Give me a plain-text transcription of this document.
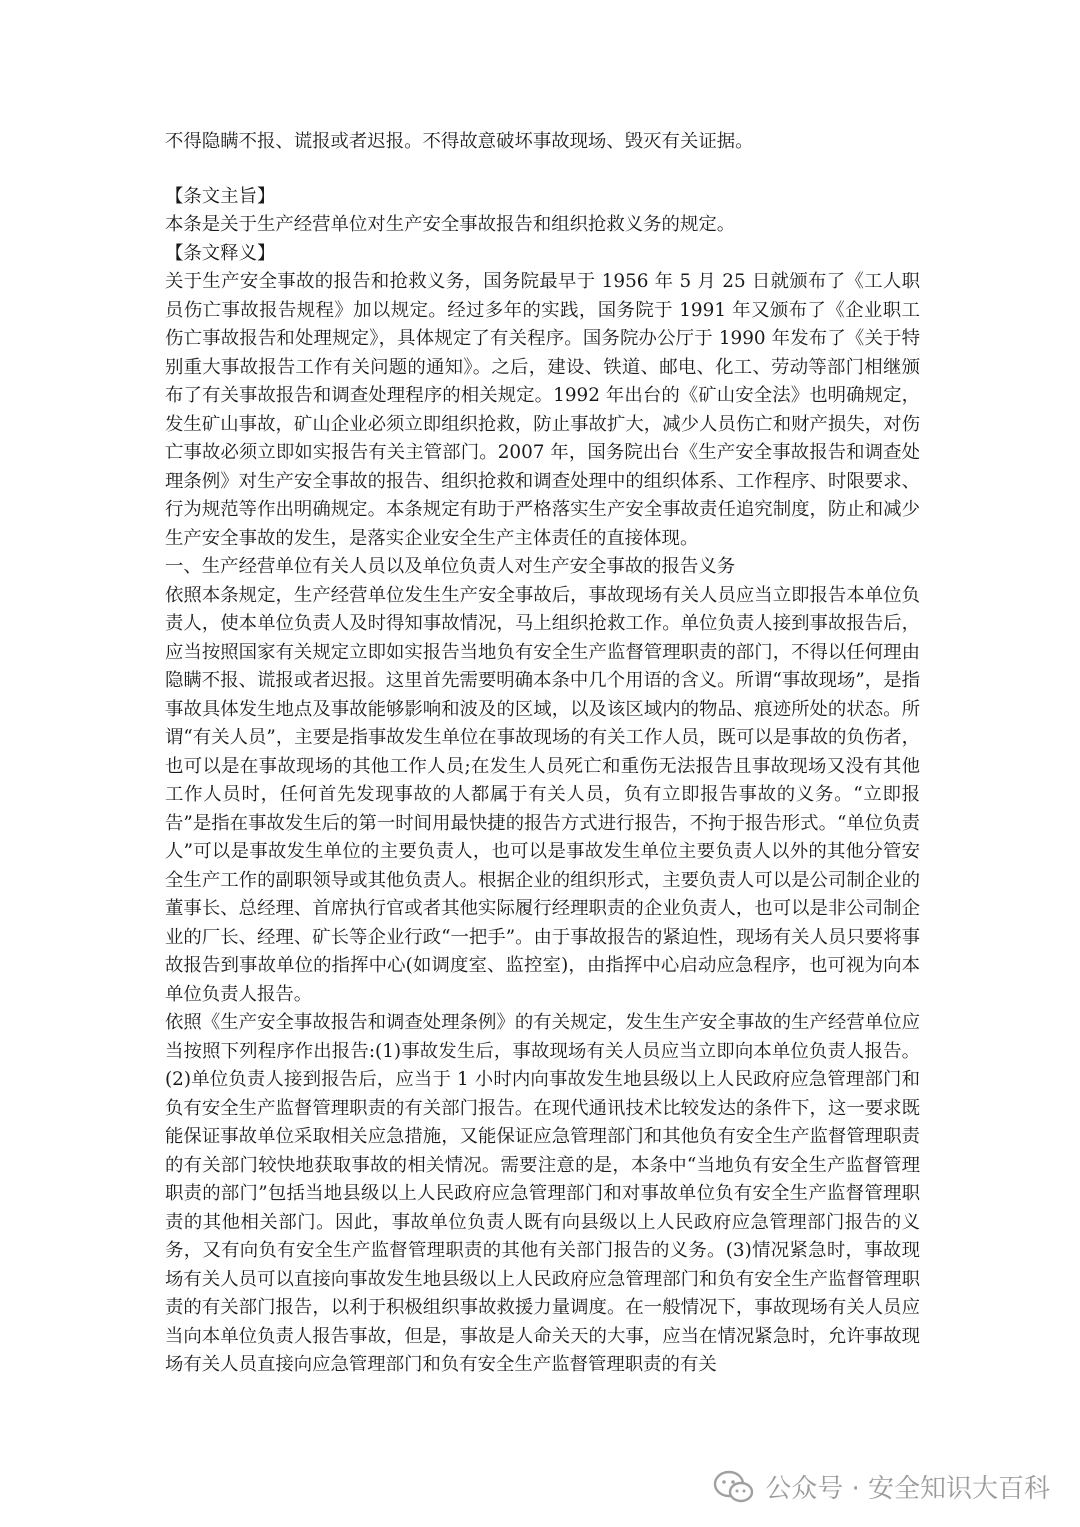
不得隐瞒不报、谎报或者迟报。不得故意破坏事故现场、毁灭有关证据。

【条文主旨】

本条是关于生产经营单位对生产安全事故报告和组织抢救义务的规定。

【条文释义】

关于生产安全事故的报告和抢救义务，国务院最早于 1956 年 5 月 25 日就颁布了《工人职员伤亡事故报告规程》加以规定。经过多年的实践，国务院于 1991 年又颁布了《企业职工伤亡事故报告和处理规定》，具体规定了有关程序。国务院办公厅于 1990 年发布了《关于特别重大事故报告工作有关问题的通知》。之后，建设、铁道、邮电、化工、劳动等部门相继颁布了有关事故报告和调查处理程序的相关规定。1992 年出台的《矿山安全法》也明确规定，发生矿山事故，矿山企业必须立即组织抢救，防止事故扩大，减少人员伤亡和财产损失，对伤亡事故必须立即如实报告有关主管部门。2007 年，国务院出台《生产安全事故报告和调查处理条例》对生产安全事故的报告、组织抢救和调查处理中的组织体系、工作程序、时限要求、行为规范等作出明确规定。本条规定有助于严格落实生产安全事故责任追究制度，防止和减少生产安全事故的发生，是落实企业安全生产主体责任的直接体现。

一、生产经营单位有关人员以及单位负责人对生产安全事故的报告义务

依照本条规定，生产经营单位发生生产安全事故后，事故现场有关人员应当立即报告本单位负责人，使本单位负责人及时得知事故情况，马上组织抢救工作。单位负责人接到事故报告后，应当按照国家有关规定立即如实报告当地负有安全生产监督管理职责的部门，不得以任何理由隐瞒不报、谎报或者迟报。这里首先需要明确本条中几个用语的含义。所谓“事故现场”，是指事故具体发生地点及事故能够影响和波及的区域，以及该区域内的物品、痕迹所处的状态。所谓“有关人员”，主要是指事故发生单位在事故现场的有关工作人员，既可以是事故的负伤者，也可以是在事故现场的其他工作人员;在发生人员死亡和重伤无法报告且事故现场又没有其他工作人员时，任何首先发现事故的人都属于有关人员，负有立即报告事故的义务。“立即报告”是指在事故发生后的第一时间用最快捷的报告方式进行报告，不拘于报告形式。“单位负责人”可以是事故发生单位的主要负责人，也可以是事故发生单位主要负责人以外的其他分管安全生产工作的副职领导或其他负责人。根据企业的组织形式，主要负责人可以是公司制企业的董事长、总经理、首席执行官或者其他实际履行经理职责的企业负责人，也可以是非公司制企业的厂长、经理、矿长等企业行政“一把手”。由于事故报告的紧迫性，现场有关人员只要将事故报告到事故单位的指挥中心(如调度室、监控室)，由指挥中心启动应急程序，也可视为向本单位负责人报告。

依照《生产安全事故报告和调查处理条例》的有关规定，发生生产安全事故的生产经营单位应当按照下列程序作出报告:(1)事故发生后，事故现场有关人员应当立即向本单位负责人报告。(2)单位负责人接到报告后，应当于 1 小时内向事故发生地县级以上人民政府应急管理部门和负有安全生产监督管理职责的有关部门报告。在现代通讯技术比较发达的条件下，这一要求既能保证事故单位采取相关应急措施，又能保证应急管理部门和其他负有安全生产监督管理职责的有关部门较快地获取事故的相关情况。需要注意的是，本条中“当地负有安全生产监督管理职责的部门”包括当地县级以上人民政府应急管理部门和对事故单位负有安全生产监督管理职责的其他相关部门。因此，事故单位负责人既有向县级以上人民政府应急管理部门报告的义务，又有向负有安全生产监督管理职责的其他有关部门报告的义务。(3)情况紧急时，事故现场有关人员可以直接向事故发生地县级以上人民政府应急管理部门和负有安全生产监督管理职责的有关部门报告，以利于积极组织事故救援力量调度。在一般情况下，事故现场有关人员应当向本单位负责人报告事故，但是，事故是人命关天的大事，应当在情况紧急时，允许事故现场有关人员直接向应急管理部门和负有安全生产监督管理职责的有关

公众号 · 安全知识大百科
